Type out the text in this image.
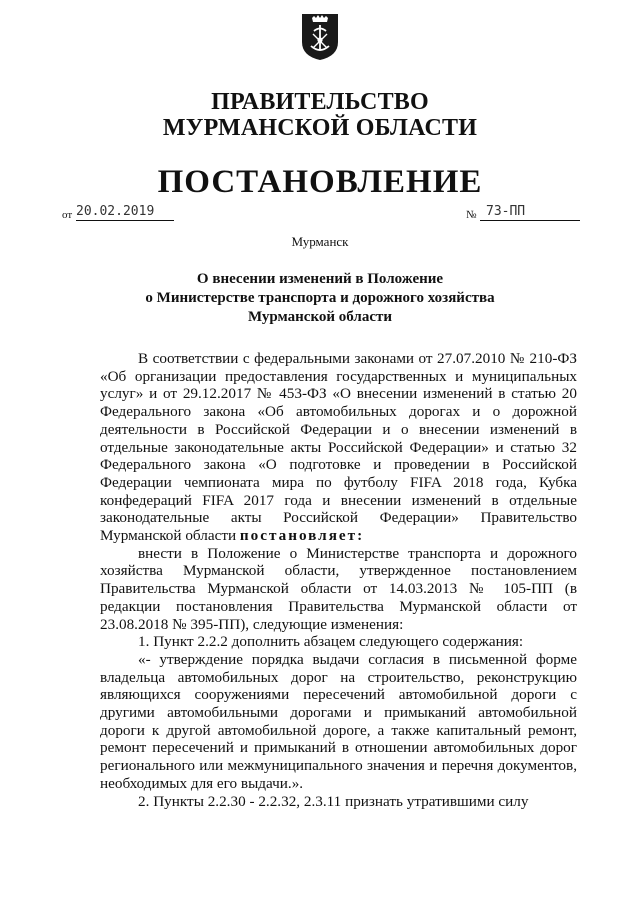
ПРАВИТЕЛЬСТВО
МУРМАНСКОЙ ОБЛАСТИ
ПОСТАНОВЛЕНИЕ
от 20.02.2019	№ 73-ПП
Мурманск
О внесении изменений в Положение
о Министерстве транспорта и дорожного хозяйства
Мурманской области

В соответствии с федеральными законами от 27.07.2010 № 210-ФЗ «Об организации предоставления государственных и муниципальных услуг» и от 29.12.2017 № 453-ФЗ «О внесении изменений в статью 20 Федерального закона «Об автомобильных дорогах и о дорожной деятельности в Российской Федерации и о внесении изменений в отдельные законодательные акты Российской Федерации» и статью 32 Федерального закона «О подготовке и проведении в Российской Федерации чемпионата мира по футболу FIFA 2018 года, Кубка конфедераций FIFA 2017 года и внесении изменений в отдельные законодательные акты Российской Федерации» Правительство Мурманской области постановляет:

внести в Положение о Министерстве транспорта и дорожного хозяйства Мурманской области, утвержденное постановлением Правительства Мурманской области от 14.03.2013 № 105-ПП (в редакции постановления Правительства Мурманской области от 23.08.2018 № 395-ПП), следующие изменения:

1. Пункт 2.2.2 дополнить абзацем следующего содержания:

«- утверждение порядка выдачи согласия в письменной форме владельца автомобильных дорог на строительство, реконструкцию являющихся сооружениями пересечений автомобильной дороги с другими автомобильными дорогами и примыканий автомобильной дороги к другой автомобильной дороге, а также капитальный ремонт, ремонт пересечений и примыканий в отношении автомобильных дорог регионального или межмуниципального значения и перечня документов, необходимых для его выдачи.».

2. Пункты 2.2.30 - 2.2.32, 2.3.11 признать утратившими силу
